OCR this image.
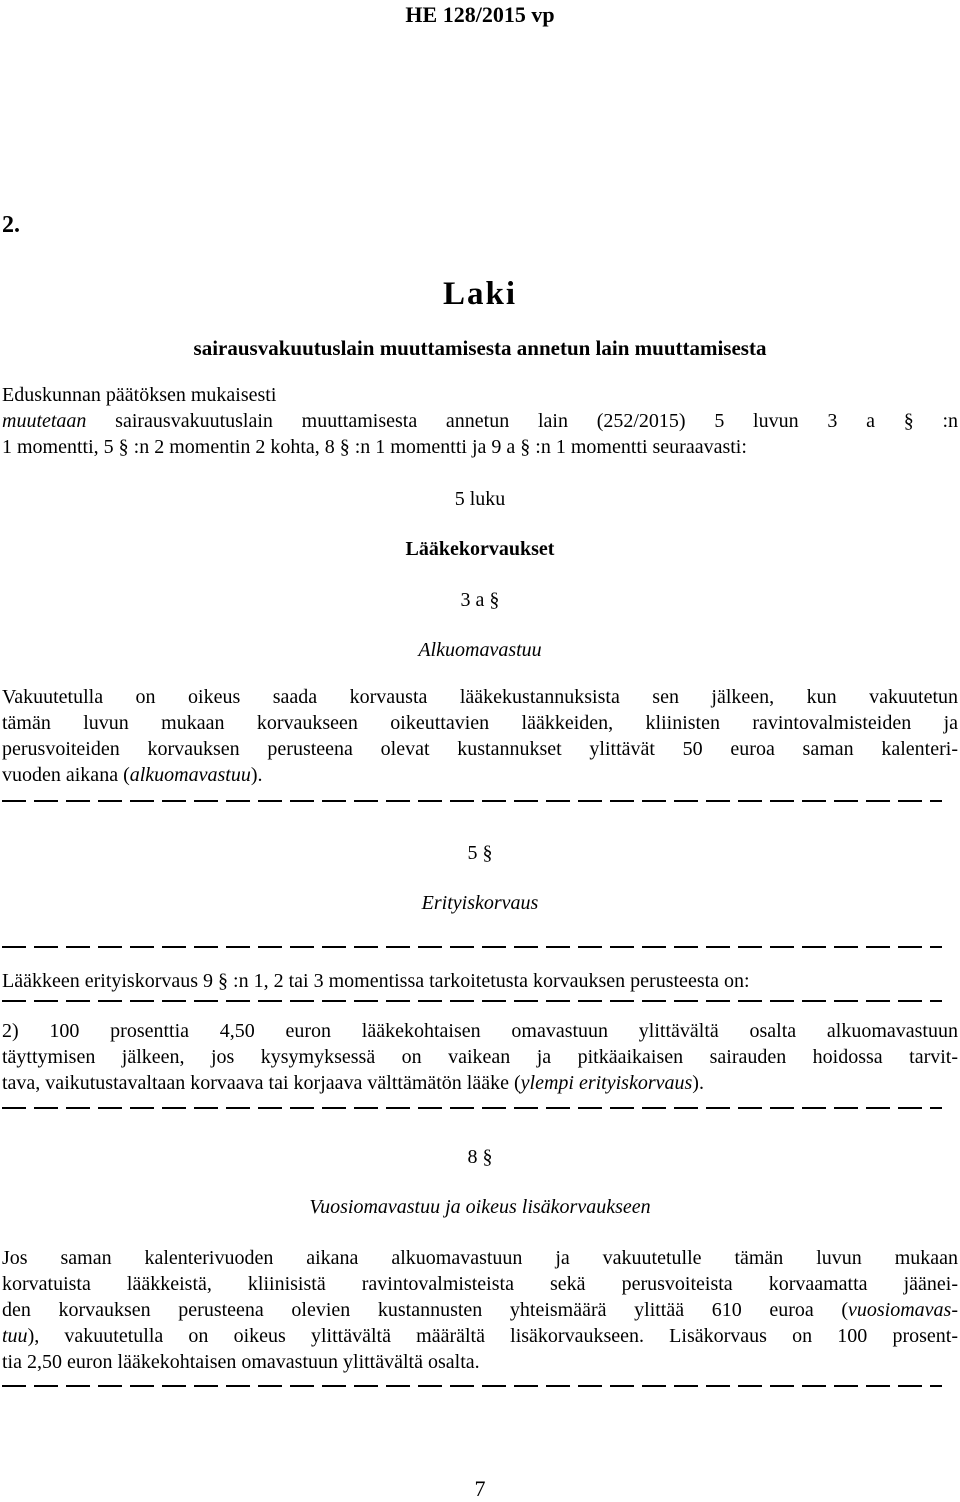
HE 128/2015 vp
2.
Laki
sairausvakuutuslain muuttamisesta annetun lain muuttamisesta
Eduskunnan päätöksen mukaisesti
muutetaan sairausvakuutuslain muuttamisesta annetun lain (252/2015) 5 luvun 3 a § :n
1 momentti, 5 § :n 2 momentin 2 kohta, 8 § :n 1 momentti ja 9 a § :n 1 momentti seuraavasti:
5 luku
Lääkekorvaukset
3 a §
Alkuomavastuu
Vakuutetulla on oikeus saada korvausta lääkekustannuksista sen jälkeen, kun vakuutetun
tämän luvun mukaan korvaukseen oikeuttavien lääkkeiden, kliinisten ravintovalmisteiden ja
perusvoiteiden korvauksen perusteena olevat kustannukset ylittävät 50 euroa saman kalenteri-
vuoden aikana (alkuomavastuu).
5 §
Erityiskorvaus
Lääkkeen erityiskorvaus 9 § :n 1, 2 tai 3 momentissa tarkoitetusta korvauksen perusteesta on:
2) 100 prosenttia 4,50 euron lääkekohtaisen omavastuun ylittävältä osalta alkuomavastuun
täyttymisen jälkeen, jos kysymyksessä on vaikean ja pitkäaikaisen sairauden hoidossa tarvit-
tava, vaikutustavaltaan korvaava tai korjaava välttämätön lääke (ylempi erityiskorvaus).
8 §
Vuosiomavastuu ja oikeus lisäkorvaukseen
Jos saman kalenterivuoden aikana alkuomavastuun ja vakuutetulle tämän luvun mukaan
korvatuista lääkkeistä, kliinisistä ravintovalmisteista sekä perusvoiteista korvaamatta jäänei-
den korvauksen perusteena olevien kustannusten yhteismäärä ylittää 610 euroa (vuosiomavas-
tuu), vakuutetulla on oikeus ylittävältä määrältä lisäkorvaukseen. Lisäkorvaus on 100 prosent-
tia 2,50 euron lääkekohtaisen omavastuun ylittävältä osalta.
7
